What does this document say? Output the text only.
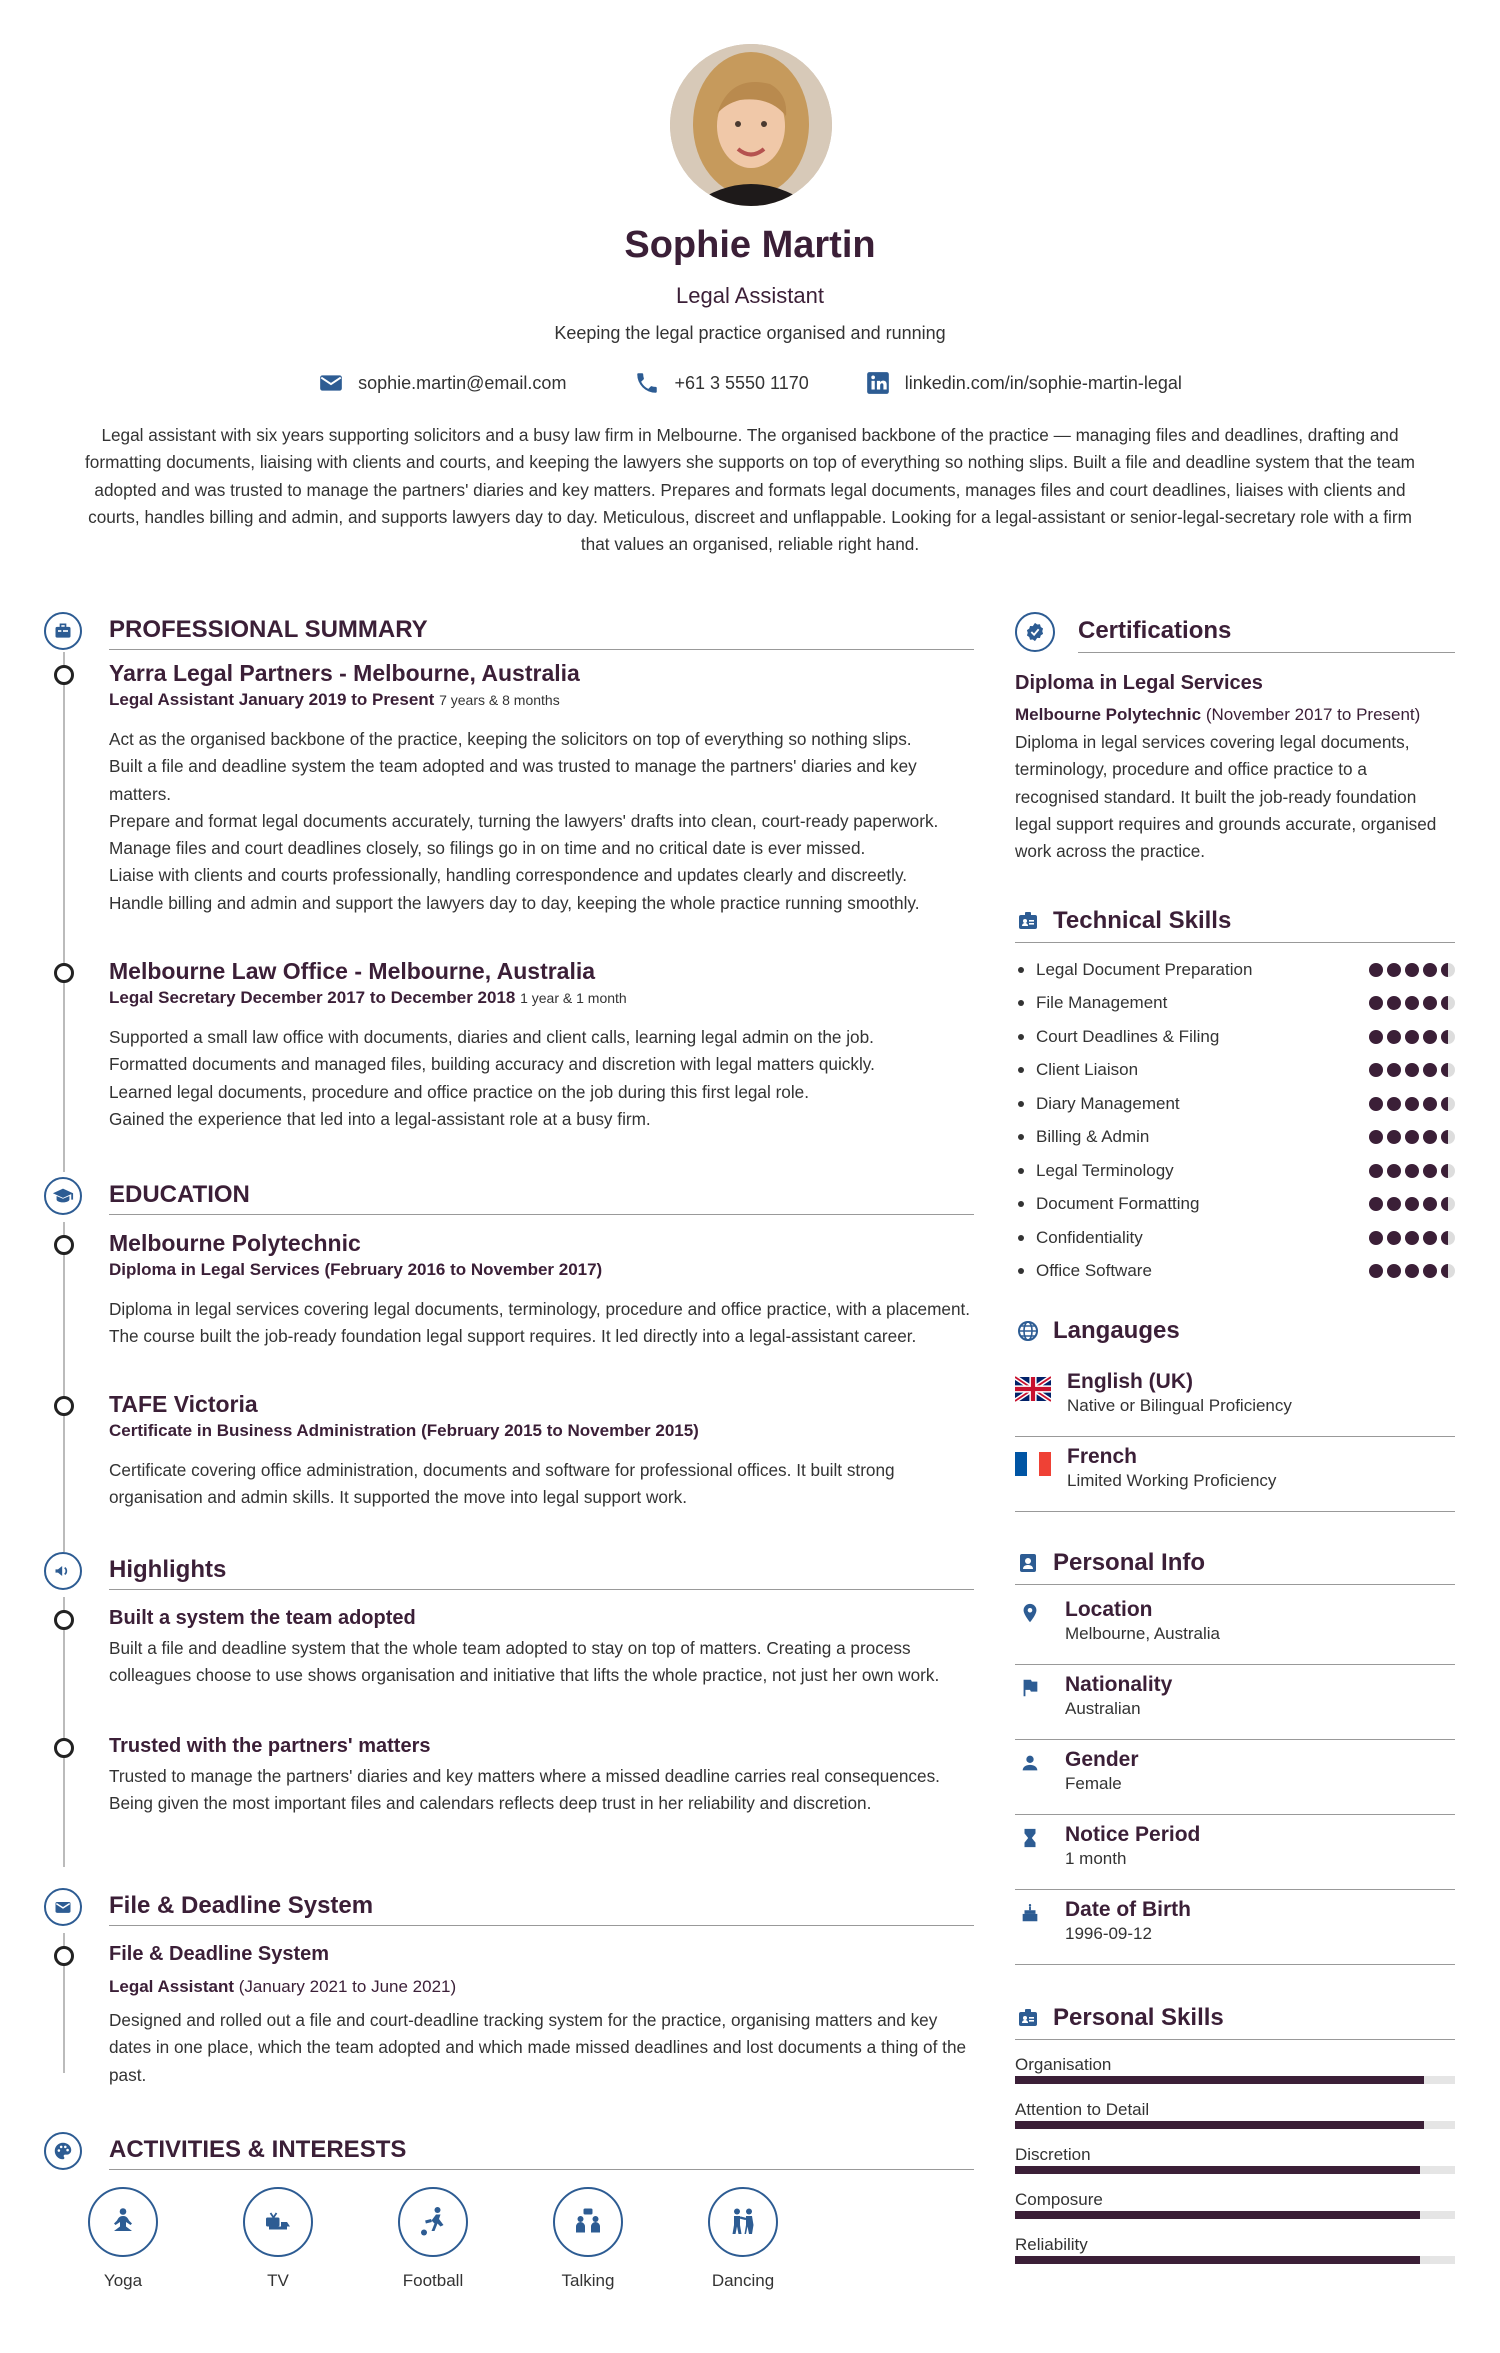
Sophie Martin
Legal Assistant
Keeping the legal practice organised and running
sophie.martin@email.com	+61 3 5550 1170	linkedin.com/in/sophie-martin-legal
Legal assistant with six years supporting solicitors and a busy law firm in Melbourne. The organised backbone of the practice — managing files and deadlines, drafting and formatting documents, liaising with clients and courts, and keeping the lawyers she supports on top of everything so nothing slips. Built a file and deadline system that the team adopted and was trusted to manage the partners' diaries and key matters. Prepares and formats legal documents, manages files and court deadlines, liaises with clients and courts, handles billing and admin, and supports lawyers day to day. Meticulous, discreet and unflappable. Looking for a legal-assistant or senior-legal-secretary role with a firm that values an organised, reliable right hand.
PROFESSIONAL SUMMARY
Yarra Legal Partners - Melbourne, Australia
Legal Assistant January 2019 to Present 7 years & 8 months
Act as the organised backbone of the practice, keeping the solicitors on top of everything so nothing slips.
Built a file and deadline system the team adopted and was trusted to manage the partners' diaries and key matters.
Prepare and format legal documents accurately, turning the lawyers' drafts into clean, court-ready paperwork.
Manage files and court deadlines closely, so filings go in on time and no critical date is ever missed.
Liaise with clients and courts professionally, handling correspondence and updates clearly and discreetly.
Handle billing and admin and support the lawyers day to day, keeping the whole practice running smoothly.
Melbourne Law Office - Melbourne, Australia
Legal Secretary December 2017 to December 2018 1 year & 1 month
Supported a small law office with documents, diaries and client calls, learning legal admin on the job.
Formatted documents and managed files, building accuracy and discretion with legal matters quickly.
Learned legal documents, procedure and office practice on the job during this first legal role.
Gained the experience that led into a legal-assistant role at a busy firm.
EDUCATION
Melbourne Polytechnic
Diploma in Legal Services (February 2016 to November 2017)
Diploma in legal services covering legal documents, terminology, procedure and office practice, with a placement. The course built the job-ready foundation legal support requires. It led directly into a legal-assistant career.
TAFE Victoria
Certificate in Business Administration (February 2015 to November 2015)
Certificate covering office administration, documents and software for professional offices. It built strong organisation and admin skills. It supported the move into legal support work.
Highlights
Built a system the team adopted
Built a file and deadline system that the whole team adopted to stay on top of matters. Creating a process colleagues choose to use shows organisation and initiative that lifts the whole practice, not just her own work.
Trusted with the partners' matters
Trusted to manage the partners' diaries and key matters where a missed deadline carries real consequences. Being given the most important files and calendars reflects deep trust in her reliability and discretion.
File & Deadline System
File & Deadline System
Legal Assistant (January 2021 to June 2021)
Designed and rolled out a file and court-deadline tracking system for the practice, organising matters and key dates in one place, which the team adopted and which made missed deadlines and lost documents a thing of the past.
ACTIVITIES & INTERESTS
Yoga	TV	Football	Talking	Dancing
Certifications
Diploma in Legal Services
Melbourne Polytechnic (November 2017 to Present)
Diploma in legal services covering legal documents, terminology, procedure and office practice to a recognised standard. It built the job-ready foundation legal support requires and grounds accurate, organised work across the practice.
Technical Skills
Legal Document Preparation
File Management
Court Deadlines & Filing
Client Liaison
Diary Management
Billing & Admin
Legal Terminology
Document Formatting
Confidentiality
Office Software
Langauges
English (UK)
Native or Bilingual Proficiency
French
Limited Working Proficiency
Personal Info
Location
Melbourne, Australia
Nationality
Australian
Gender
Female
Notice Period
1 month
Date of Birth
1996-09-12
Personal Skills
Organisation
Attention to Detail
Discretion
Composure
Reliability
